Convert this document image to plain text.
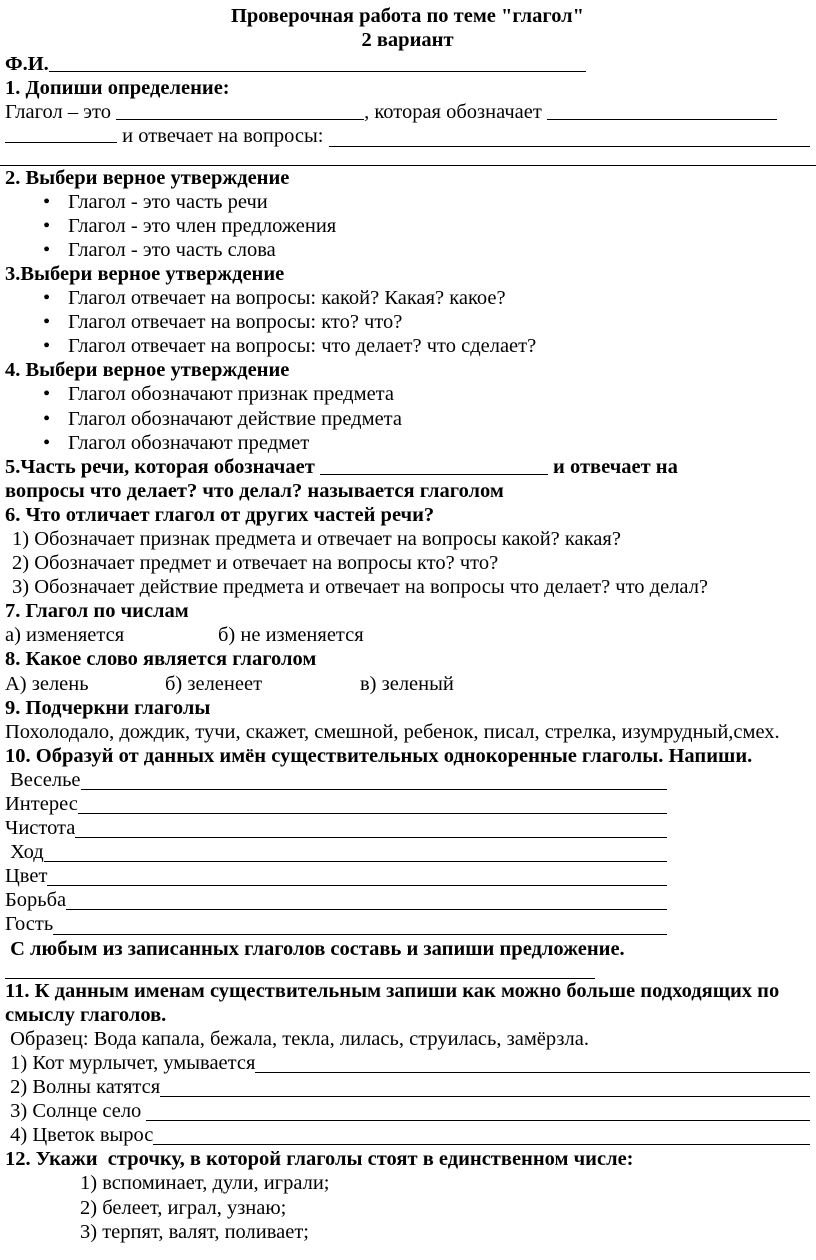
Проверочная работа по теме "глагол"
2 вариант
Ф.И.
1. Допиши определение:
Глагол – это	, которая обозначает
и отвечает на вопросы:
2. Выбери верное утверждение
• Глагол - это часть речи
• Глагол - это член предложения
• Глагол - это часть слова
3.Выбери верное утверждение
• Глагол отвечает на вопросы: какой? Какая? какое?
• Глагол отвечает на вопросы: кто? что?
• Глагол отвечает на вопросы: что делает? что сделает?
4. Выбери верное утверждение
• Глагол обозначают признак предмета
• Глагол обозначают действие предмета
• Глагол обозначают предмет
5.Часть речи, которая обозначает	и отвечает на
вопросы что делает? что делал? называется глаголом
6. Что отличает глагол от других частей речи?
1) Обозначает признак предмета и отвечает на вопросы какой? какая?
2) Обозначает предмет и отвечает на вопросы кто? что?
3) Обозначает действие предмета и отвечает на вопросы что делает? что делал?
7. Глагол по числам
а) изменяется	б) не изменяется
8. Какое слово является глаголом
А) зелень	б) зеленеет	в) зеленый
9. Подчеркни глаголы
Похолодало, дождик, тучи, скажет, смешной, ребенок, писал, стрелка, изумрудный,смех.
10. Образуй от данных имён существительных однокоренные глаголы. Напиши.
Веселье
Интерес
Чистота
Ход
Цвет
Борьба
Гость
С любым из записанных глаголов составь и запиши предложение.
11. К данным именам существительным запиши как можно больше подходящих по смыслу глаголов.
Образец: Вода капала, бежала, текла, лилась, струилась, замёрзла.
1) Кот мурлычет, умывается
2) Волны катятся
3) Солнце село
4) Цветок вырос
12. Укажи  строчку, в которой глаголы стоят в единственном числе:
1) вспоминает, дули, играли;
2) белеет, играл, узнаю;
3) терпят, валят, поливает;
